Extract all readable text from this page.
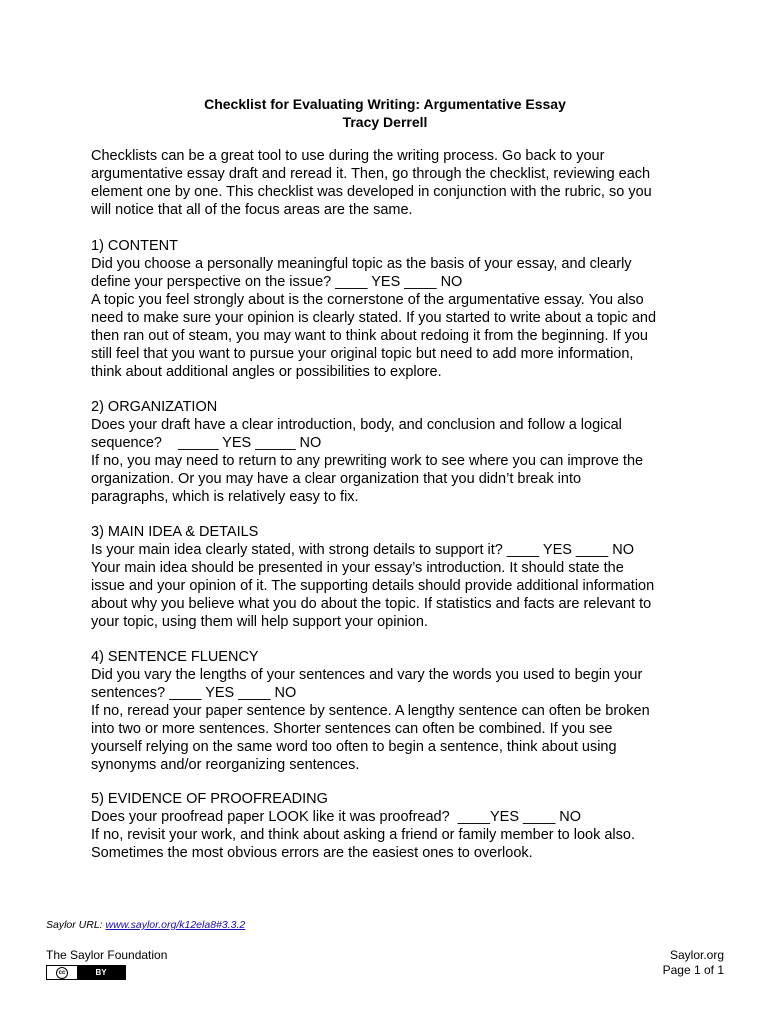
Checklist for Evaluating Writing: Argumentative Essay
Tracy Derrell
Checklists can be a great tool to use during the writing process. Go back to your
argumentative essay draft and reread it. Then, go through the checklist, reviewing each
element one by one. This checklist was developed in conjunction with the rubric, so you
will notice that all of the focus areas are the same.
1) CONTENT
Did you choose a personally meaningful topic as the basis of your essay, and clearly
define your perspective on the issue? ____ YES ____ NO
A topic you feel strongly about is the cornerstone of the argumentative essay. You also
need to make sure your opinion is clearly stated. If you started to write about a topic and
then ran out of steam, you may want to think about redoing it from the beginning. If you
still feel that you want to pursue your original topic but need to add more information,
think about additional angles or possibilities to explore.
2) ORGANIZATION
Does your draft have a clear introduction, body, and conclusion and follow a logical
sequence?    _____ YES _____ NO
If no, you may need to return to any prewriting work to see where you can improve the
organization. Or you may have a clear organization that you didn’t break into
paragraphs, which is relatively easy to fix.
3) MAIN IDEA & DETAILS
Is your main idea clearly stated, with strong details to support it? ____ YES ____ NO
Your main idea should be presented in your essay’s introduction. It should state the
issue and your opinion of it. The supporting details should provide additional information
about why you believe what you do about the topic. If statistics and facts are relevant to
your topic, using them will help support your opinion.
4) SENTENCE FLUENCY
Did you vary the lengths of your sentences and vary the words you used to begin your
sentences? ____ YES ____ NO
If no, reread your paper sentence by sentence. A lengthy sentence can often be broken
into two or more sentences. Shorter sentences can often be combined. If you see
yourself relying on the same word too often to begin a sentence, think about using
synonyms and/or reorganizing sentences.
5) EVIDENCE OF PROOFREADING
Does your proofread paper LOOK like it was proofread?  ____YES ____ NO
If no, revisit your work, and think about asking a friend or family member to look also.
Sometimes the most obvious errors are the easiest ones to overlook.
Saylor URL: www.saylor.org/k12ela8#3.3.2
The Saylor Foundation
cc	BY
Saylor.org
Page 1 of 1
